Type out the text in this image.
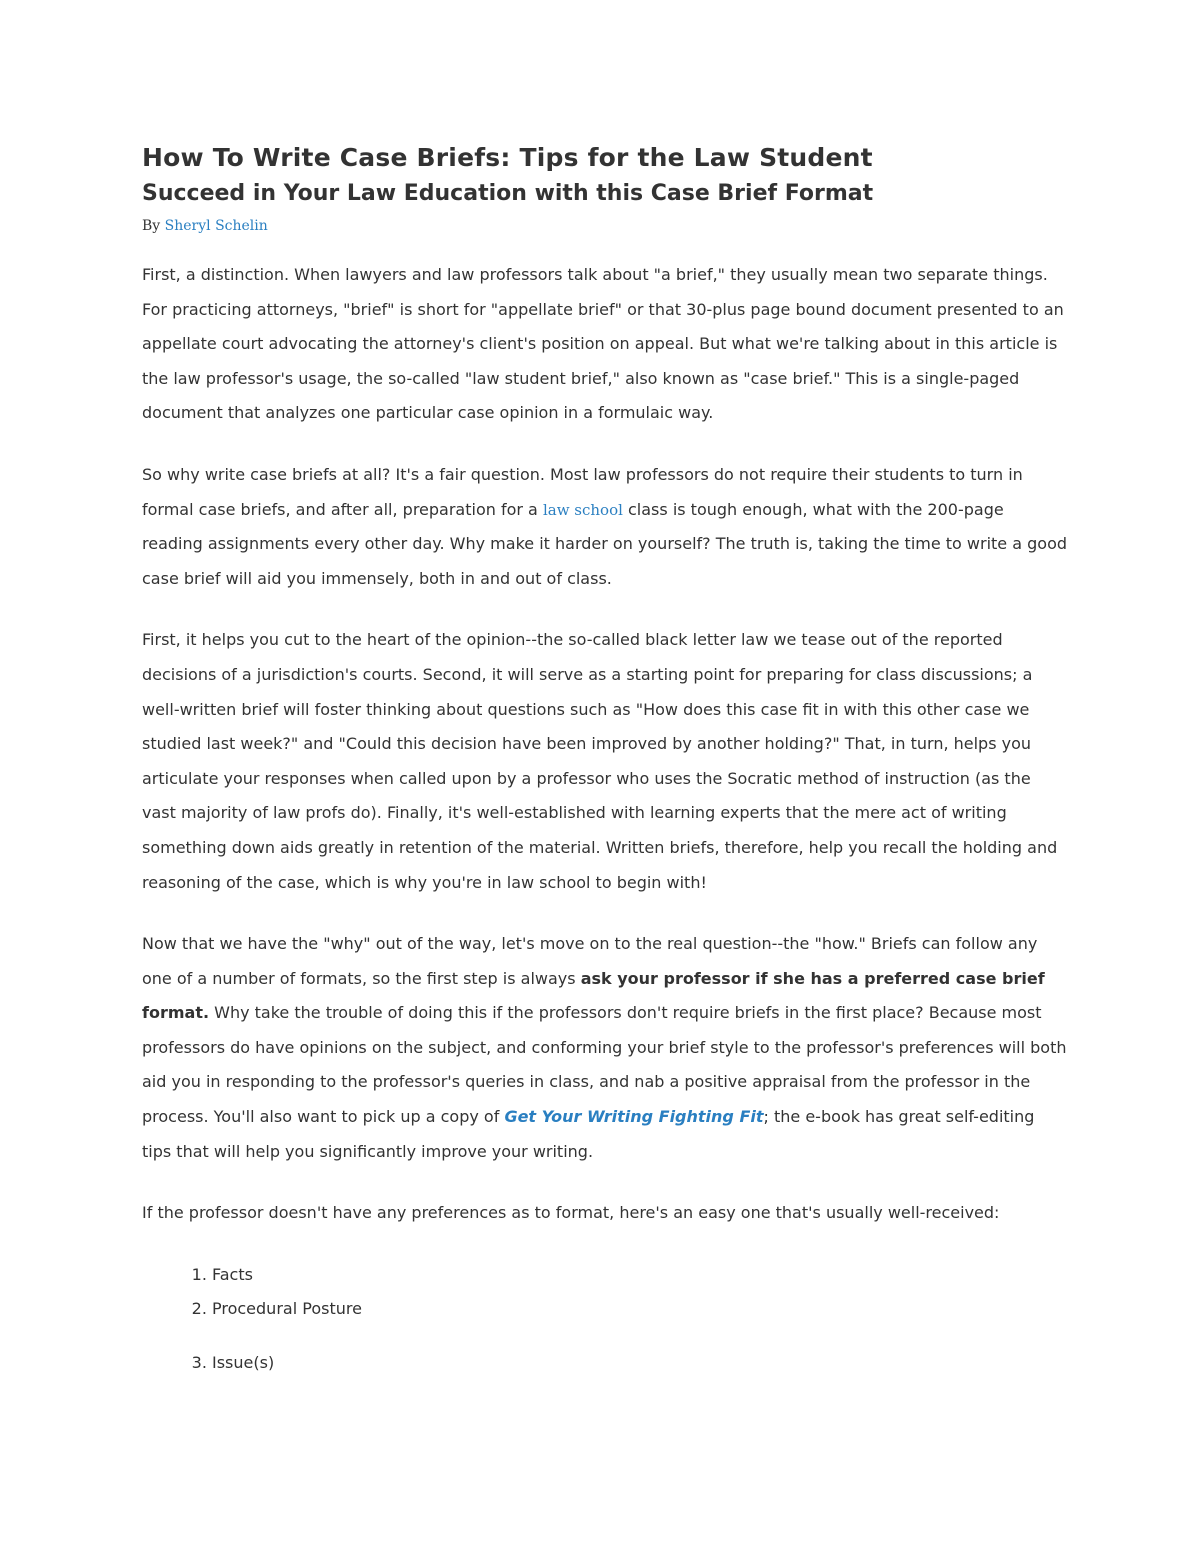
How To Write Case Briefs: Tips for the Law Student
Succeed in Your Law Education with this Case Brief Format
By Sheryl Schelin

First, a distinction. When lawyers and law professors talk about "a brief," they usually mean two separate things. For practicing attorneys, "brief" is short for "appellate brief" or that 30-plus page bound document presented to an appellate court advocating the attorney's client's position on appeal. But what we're talking about in this article is the law professor's usage, the so-called "law student brief," also known as "case brief." This is a single-paged document that analyzes one particular case opinion in a formulaic way.

So why write case briefs at all? It's a fair question. Most law professors do not require their students to turn in formal case briefs, and after all, preparation for a law school class is tough enough, what with the 200-page reading assignments every other day. Why make it harder on yourself? The truth is, taking the time to write a good case brief will aid you immensely, both in and out of class.

First, it helps you cut to the heart of the opinion--the so-called black letter law we tease out of the reported decisions of a jurisdiction's courts. Second, it will serve as a starting point for preparing for class discussions; a well-written brief will foster thinking about questions such as "How does this case fit in with this other case we studied last week?" and "Could this decision have been improved by another holding?" That, in turn, helps you articulate your responses when called upon by a professor who uses the Socratic method of instruction (as the vast majority of law profs do). Finally, it's well-established with learning experts that the mere act of writing something down aids greatly in retention of the material. Written briefs, therefore, help you recall the holding and reasoning of the case, which is why you're in law school to begin with!

Now that we have the "why" out of the way, let's move on to the real question--the "how." Briefs can follow any one of a number of formats, so the first step is always ask your professor if she has a preferred case brief format. Why take the trouble of doing this if the professors don't require briefs in the first place? Because most professors do have opinions on the subject, and conforming your brief style to the professor's preferences will both aid you in responding to the professor's queries in class, and nab a positive appraisal from the professor in the process. You'll also want to pick up a copy of Get Your Writing Fighting Fit; the e-book has great self-editing tips that will help you significantly improve your writing.

If the professor doesn't have any preferences as to format, here's an easy one that's usually well-received:

1. Facts
2. Procedural Posture
3. Issue(s)
